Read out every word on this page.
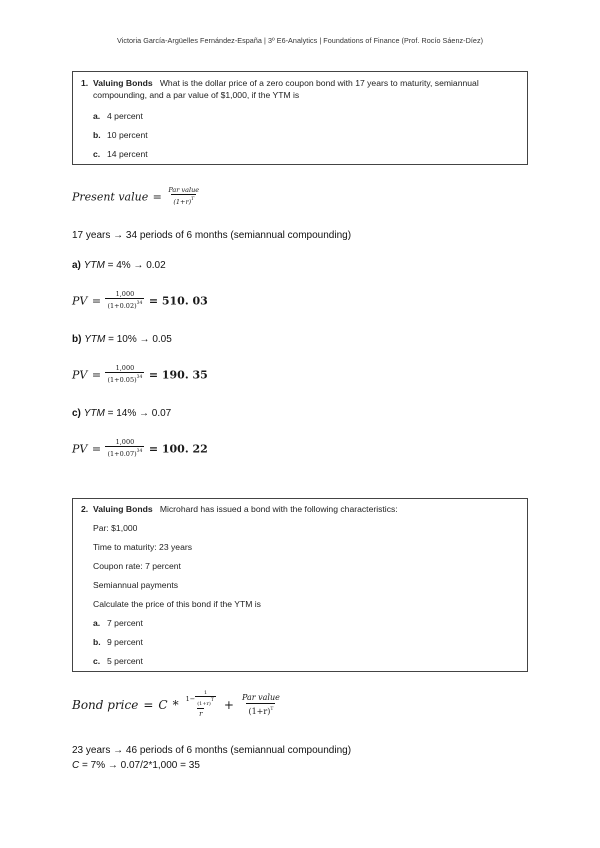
Victoria García-Argüelles Fernández-España | 3º E6-Analytics | Foundations of Finance (Prof. Rocío Sáenz-Díez)
1. Valuing Bonds What is the dollar price of a zero coupon bond with 17 years to maturity, semiannual
compounding, and a par value of $1,000, if the YTM is
a. 4 percent
b. 10 percent
c. 14 percent
Present value = $\frac{\text{Par value}}{(1+r)^T}$
17 years → 34 periods of 6 months (semiannual compounding)
a) YTM = 4% → 0.02
PV = $\frac{1,000}{(1+0.02)^{34}} = 510$. 03
b) YTM = 10% → 0.05
PV = $\frac{1,000}{(1+0.05)^{34}} = 190$. 35
c) YTM = 14% → 0.07
PV = $\frac{1,000}{(1+0.07)^{34}} = 100$. 22
2. Valuing Bonds Microhard has issued a bond with the following characteristics:
Par: $1,000
Time to maturity: 23 years
Coupon rate: 7 percent
Semiannual payments
Calculate the price of this bond if the YTM is
a. 7 percent
b. 9 percent
c. 5 percent
Bond price = $C * \frac{1- \frac{1}{(1+r)T}}{r} + \frac{\text{Par value}}{(1+r)^T}$
23 years → 46 periods of 6 months (semiannual compounding)
C = 7% → 0.07/2*1,000 = 35
